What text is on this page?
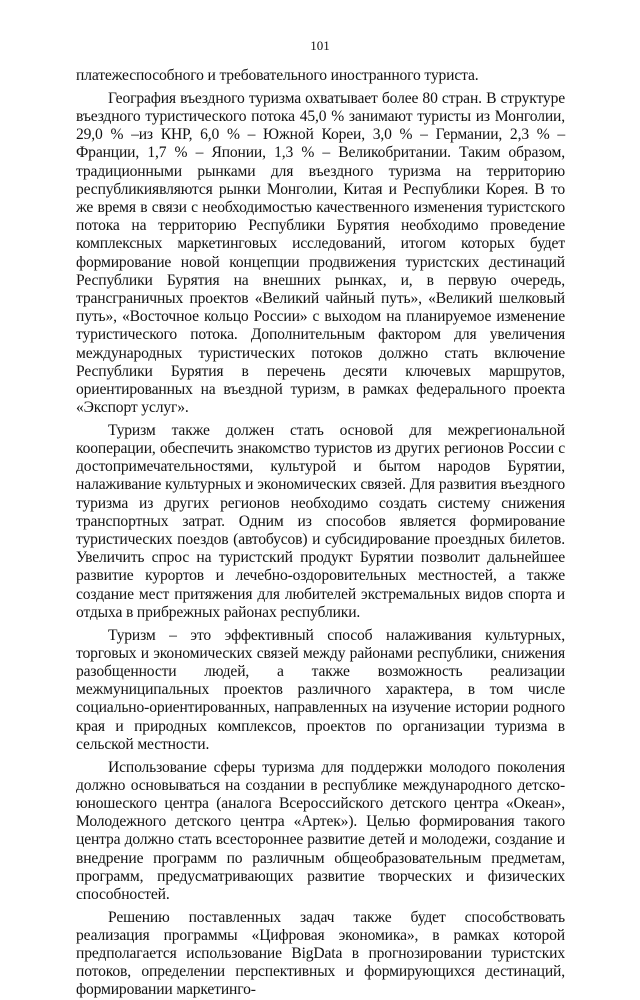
101

платежеспособного и требовательного иностранного туриста.

География въездного туризма охватывает более 80 стран. В структуре въездного туристического потока 45,0 % занимают туристы из Монголии, 29,0 % –из КНР, 6,0 % – Южной Кореи, 3,0 % – Германии, 2,3 % – Франции, 1,7 % – Японии, 1,3 % – Великобритании. Таким образом, традиционными рынками для въездного туризма на территорию республикиявляются рынки Монголии, Китая и Республики Корея. В то же время в связи с необходимостью качественного изменения туристского потока на территорию Республики Бурятия необходимо проведение комплексных маркетинговых исследований, итогом которых будет формирование новой концепции продвижения туристских дестинаций Республики Бурятия на внешних рынках, и, в первую очередь, трансграничных проектов «Великий чайный путь», «Великий шелковый путь», «Восточное кольцо России» с выходом на планируемое изменение туристического потока. Дополнительным фактором для увеличения международных туристических потоков должно стать включение Республики Бурятия в перечень десяти ключевых маршрутов, ориентированных на въездной туризм, в рамках федерального проекта «Экспорт услуг».

Туризм также должен стать основой для межрегиональной кооперации, обеспечить знакомство туристов из других регионов России с достопримечательностями, культурой и бытом народов Бурятии, налаживание культурных и экономических связей. Для развития въездного туризма из других регионов необходимо создать систему снижения транспортных затрат. Одним из способов является формирование туристических поездов (автобусов) и субсидирование проездных билетов. Увеличить спрос на туристский продукт Бурятии позволит дальнейшее развитие курортов и лечебно-оздоровительных местностей, а также создание мест притяжения для любителей экстремальных видов спорта и отдыха в прибрежных районах республики.

Туризм – это эффективный способ налаживания культурных, торговых и экономических связей между районами республики, снижения разобщенности людей, а также возможность реализации межмуниципальных проектов различного характера, в том числе социально-ориентированных, направленных на изучение истории родного края и природных комплексов, проектов по организации туризма в сельской местности.

Использование сферы туризма для поддержки молодого поколения должно основываться на создании в республике международного детско-юношеского центра (аналога Всероссийского детского центра «Океан», Молодежного детского центра «Артек»). Целью формирования такого центра должно стать всестороннее развитие детей и молодежи, создание и внедрение программ по различным общеобразовательным предметам, программ, предусматривающих развитие творческих и физических способностей.

Решению поставленных задач также будет способствовать реализация программы «Цифровая экономика», в рамках которой предполагается использование BigData в прогнозировании туристских потоков, определении перспективных и формирующихся дестинаций, формировании маркетинго-
